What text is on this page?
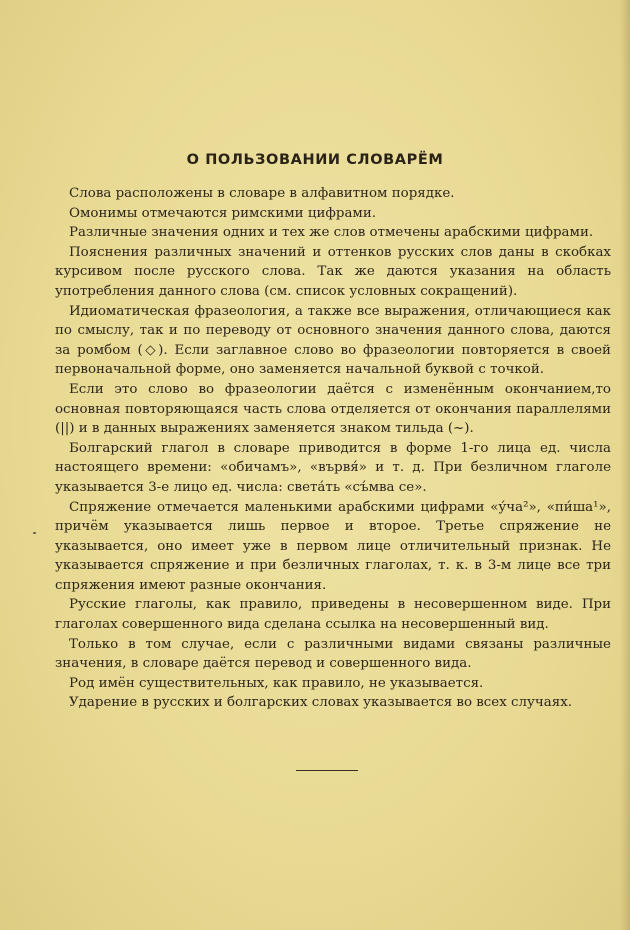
О ПОЛЬЗОВАНИИ СЛОВАРЁМ

Слова расположены в словаре в алфавитном порядке.

Омонимы отмечаются римскими цифрами.

Различные значения одних и тех же слов отмечены арабскими цифрами.

Пояснения различных значений и оттенков русских слов даны в скобках курсивом после русского слова. Так же даются указания на область употребления данного слова (см. список условных сокращений).

Идиоматическая фразеология, а также все выражения, отличающиеся как по смыслу, так и по переводу от основного значения данного слова, даются за ромбом (◇). Если заглавное слово во фразеологии повторяется в своей первоначальной форме, оно заменяется начальной буквой с точкой.

Если это слово во фразеологии даётся с изменённым окончанием,то основная повторяющаяся часть слова отделяется от окончания параллелями (||) и в данных выражениях заменяется знаком тильда (~).

Болгарский глагол в словаре приводится в форме 1-го лица ед. числа настоящего времени: «обичамъ», «вървя́» и т. д. При безличном глаголе указывается 3-е лицо ед. числа: света́ть «съ́мва се».

Спряжение отмечается маленькими арабскими цифрами «у́ча²», «пи́ша¹», причём указывается лишь первое и второе. Третье спряжение не указывается, оно имеет уже в первом лице отличительный признак. Не указывается спряжение и при безличных глаголах, т. к. в 3-м лице все три спряжения имеют разные окончания.

Русские глаголы, как правило, приведены в несовершенном виде. При глаголах совершенного вида сделана ссылка на несовершенный вид.

Только в том случае, если с различными видами связаны различные значения, в словаре даётся перевод и совершенного вида.

Род имён существительных, как правило, не указывается.

Ударение в русских и болгарских словах указывается во всех случаях.
